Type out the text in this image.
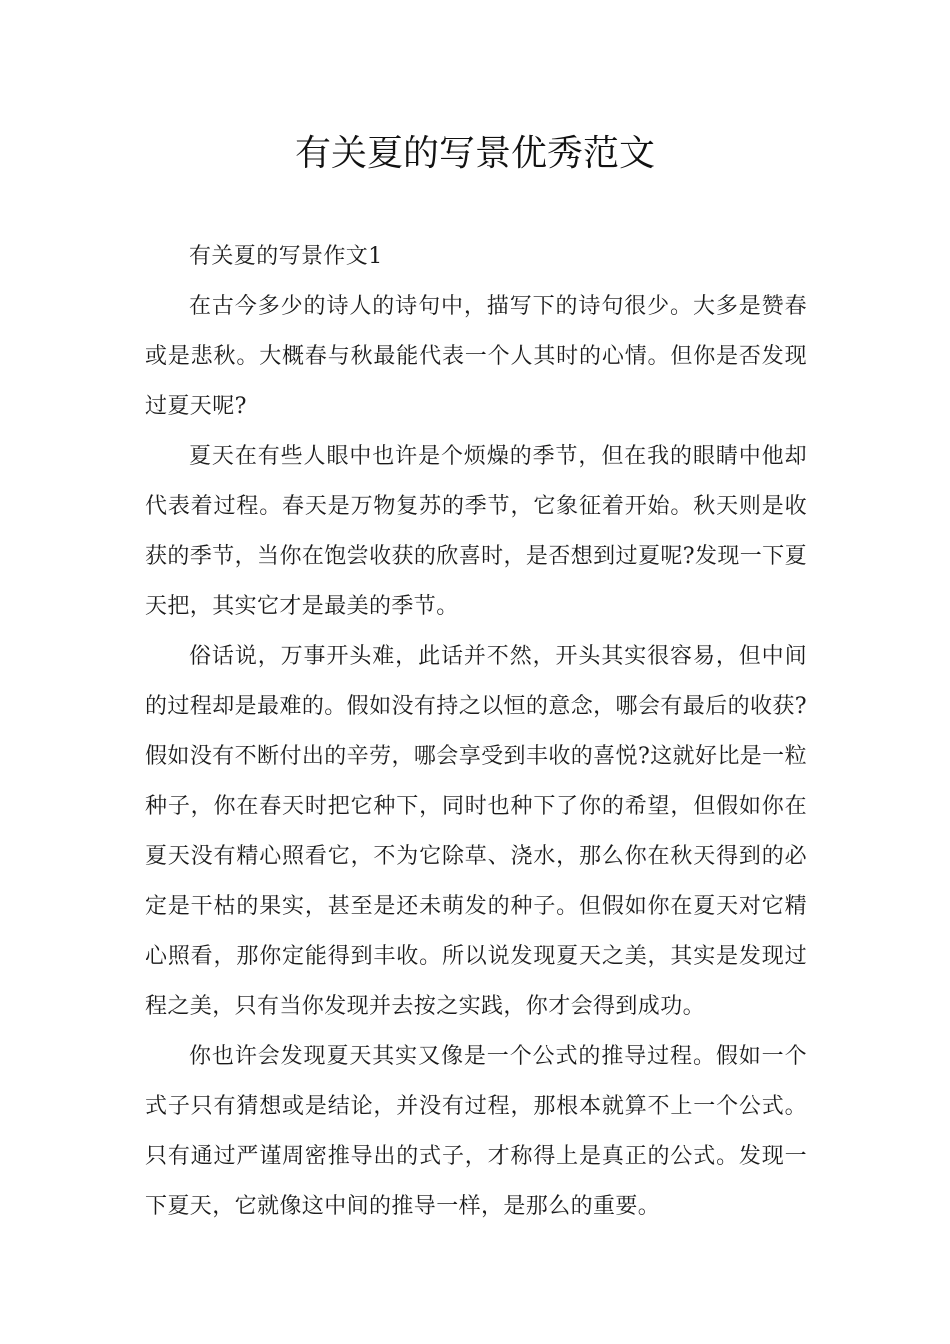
有关夏的写景优秀范文

有关夏的写景作文1

在古今多少的诗人的诗句中，描写下的诗句很少。大多是赞春或是悲秋。大概春与秋最能代表一个人其时的心情。但你是否发现过夏天呢?

夏天在有些人眼中也许是个烦燥的季节，但在我的眼睛中他却代表着过程。春天是万物复苏的季节，它象征着开始。秋天则是收获的季节，当你在饱尝收获的欣喜时，是否想到过夏呢?发现一下夏天把，其实它才是最美的季节。

俗话说，万事开头难，此话并不然，开头其实很容易，但中间的过程却是最难的。假如没有持之以恒的意念，哪会有最后的收获?假如没有不断付出的辛劳，哪会享受到丰收的喜悦?这就好比是一粒种子，你在春天时把它种下，同时也种下了你的希望，但假如你在夏天没有精心照看它，不为它除草、浇水，那么你在秋天得到的必定是干枯的果实，甚至是还未萌发的种子。但假如你在夏天对它精心照看，那你定能得到丰收。所以说发现夏天之美，其实是发现过程之美，只有当你发现并去按之实践，你才会得到成功。

你也许会发现夏天其实又像是一个公式的推导过程。假如一个式子只有猜想或是结论，并没有过程，那根本就算不上一个公式。只有通过严谨周密推导出的式子，才称得上是真正的公式。发现一下夏天，它就像这中间的推导一样，是那么的重要。
